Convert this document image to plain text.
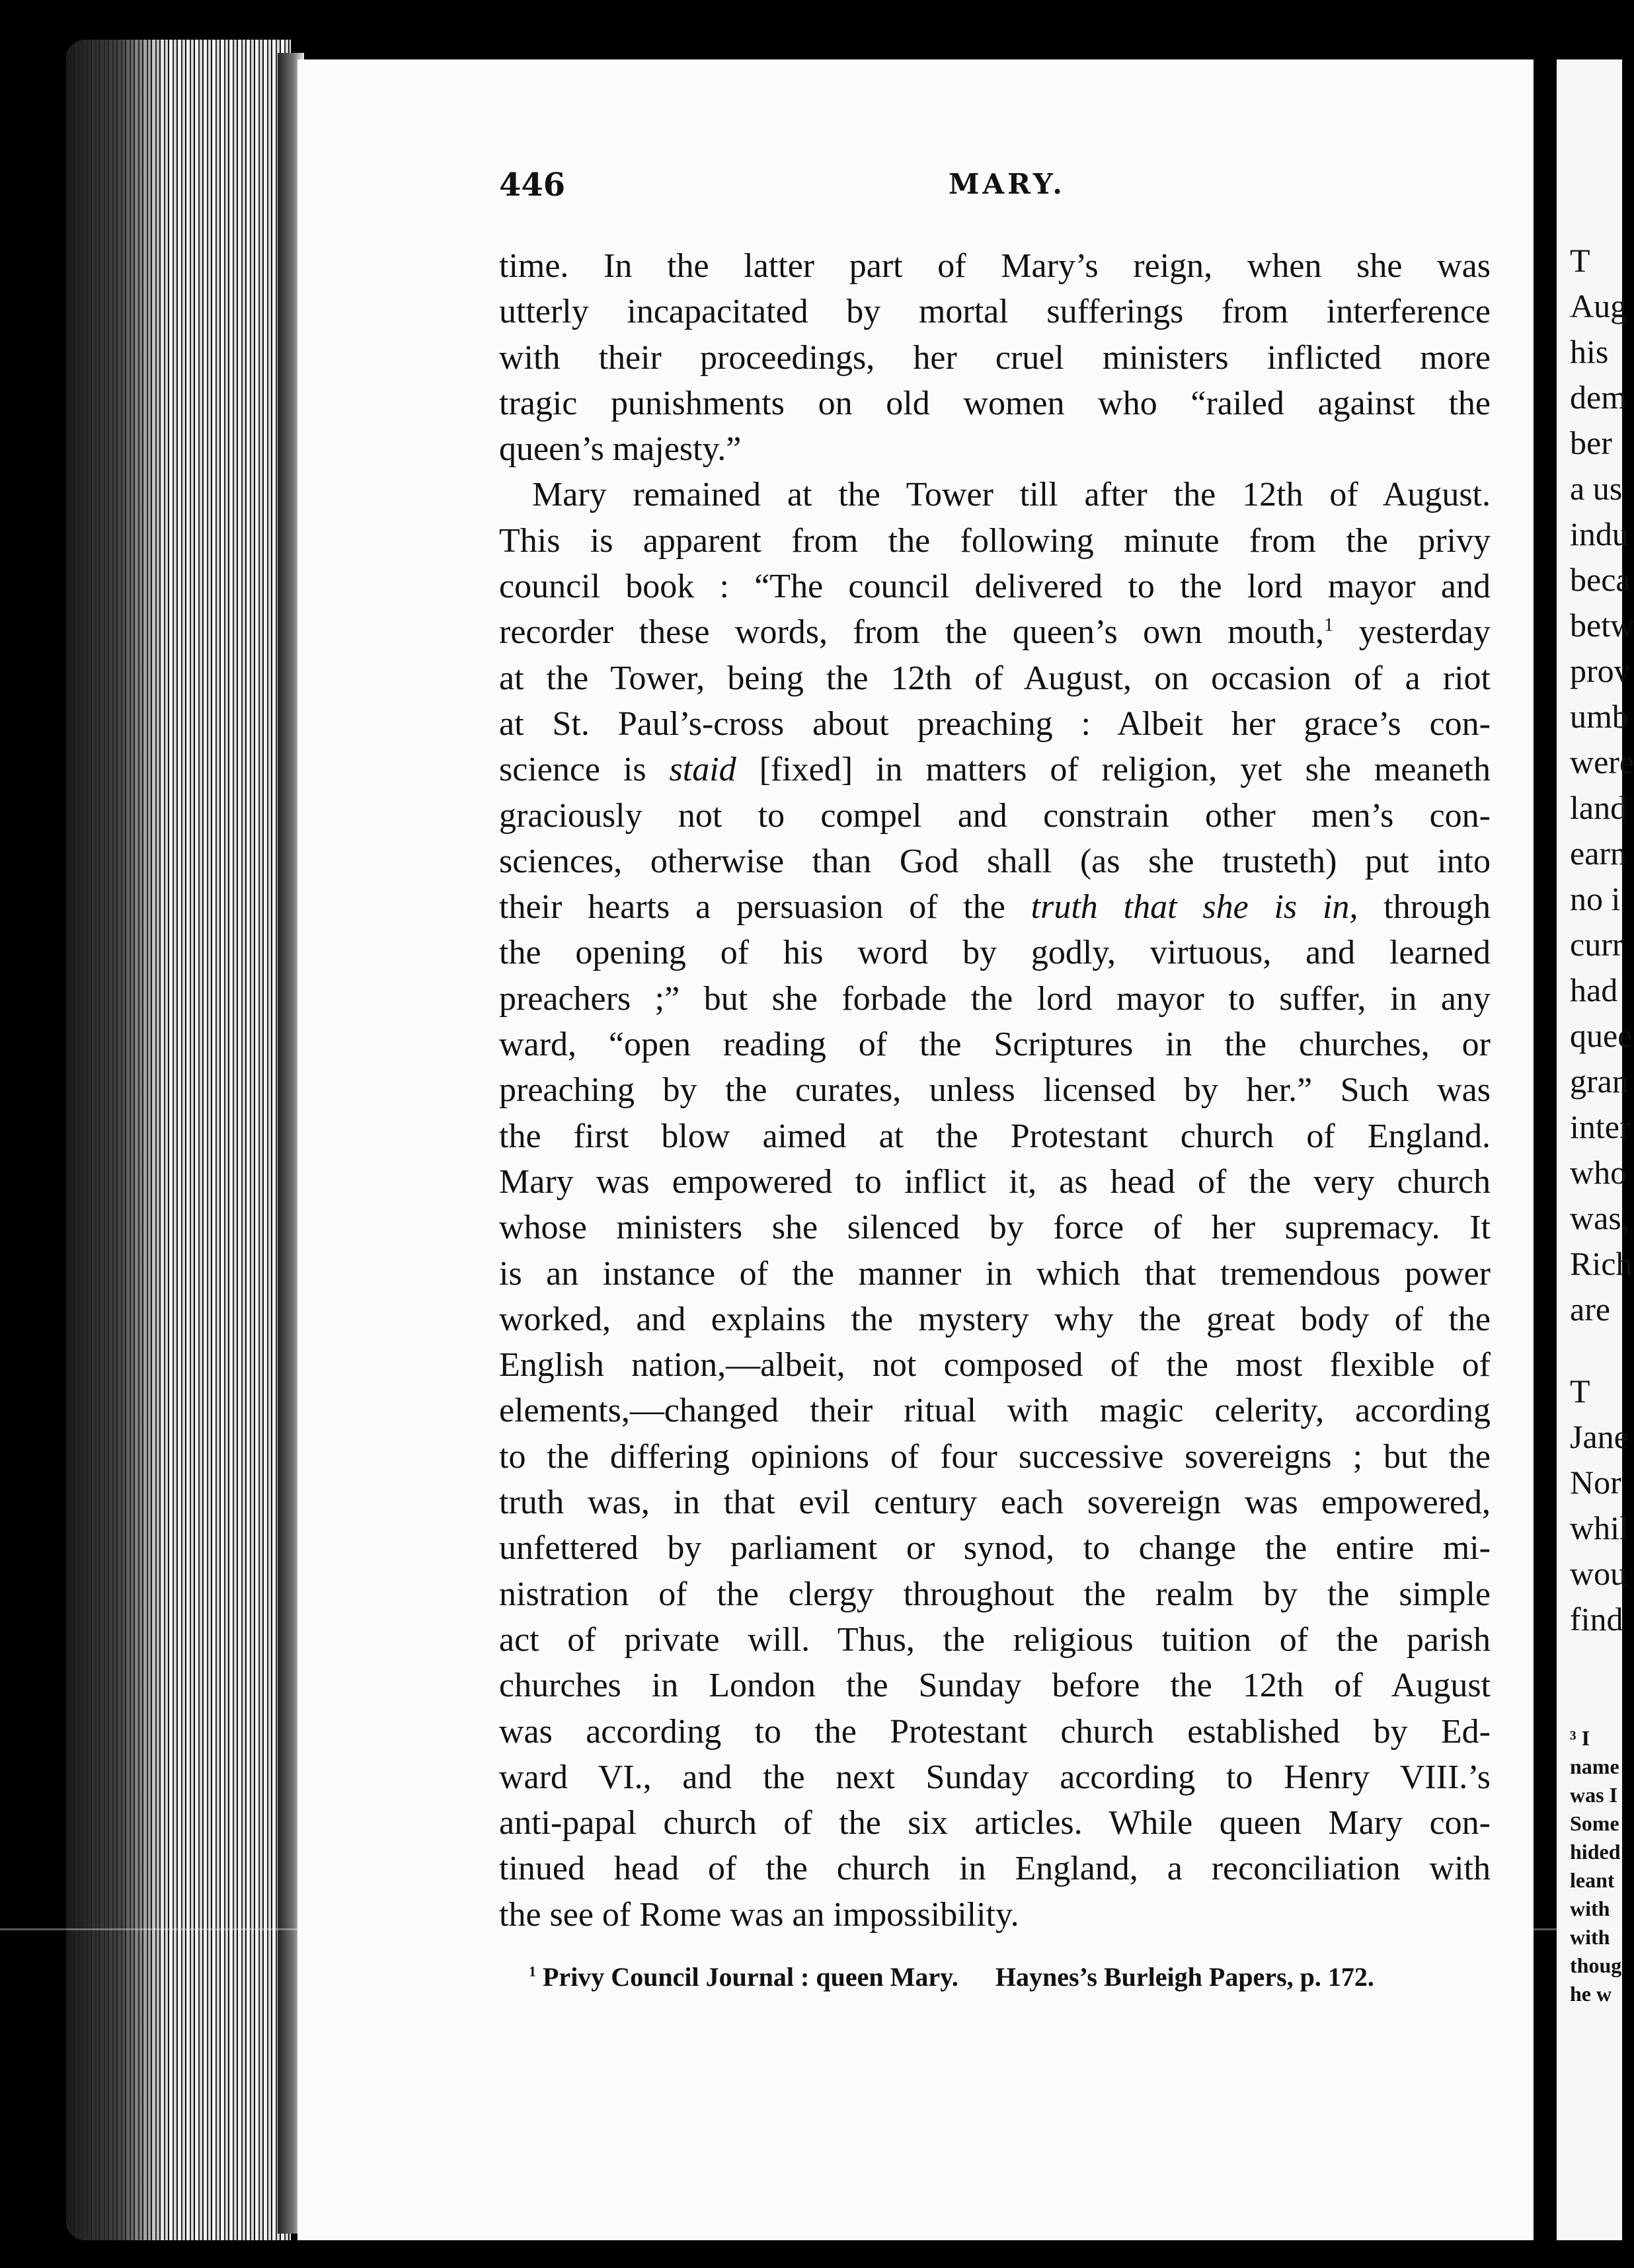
446	MARY.
time. In the latter part of Mary’s reign, when she was
utterly incapacitated by mortal sufferings from interference
with their proceedings, her cruel ministers inflicted more
tragic punishments on old women who “railed against the
queen’s majesty.”
Mary remained at the Tower till after the 12th of August.
This is apparent from the following minute from the privy
council book : “The council delivered to the lord mayor and
recorder these words, from the queen’s own mouth,$^1$ yesterday
at the Tower, being the 12th of August, on occasion of a riot
at St. Paul’s-cross about preaching : Albeit her grace’s con-
science is staid [fixed] in matters of religion, yet she meaneth
graciously not to compel and constrain other men’s con-
sciences, otherwise than God shall (as she trusteth) put into
their hearts a persuasion of the truth that she is in, through
the opening of his word by godly, virtuous, and learned
preachers ;” but she forbade the lord mayor to suffer, in any
ward, “open reading of the Scriptures in the churches, or
preaching by the curates, unless licensed by her.” Such was
the first blow aimed at the Protestant church of England.
Mary was empowered to inflict it, as head of the very church
whose ministers she silenced by force of her supremacy. It
is an instance of the manner in which that tremendous power
worked, and explains the mystery why the great body of the
English nation,—albeit, not composed of the most flexible of
elements,—changed their ritual with magic celerity, according
to the differing opinions of four successive sovereigns ; but the
truth was, in that evil century each sovereign was empowered,
unfettered by parliament or synod, to change the entire mi-
nistration of the clergy throughout the realm by the simple
act of private will. Thus, the religious tuition of the parish
churches in London the Sunday before the 12th of August
was according to the Protestant church established by Ed-
ward VI., and the next Sunday according to Henry VIII.’s
anti-papal church of the six articles. While queen Mary con-
tinued head of the church in England, a reconciliation with
the see of Rome was an impossibility.
$^1$ Privy Council Journal : queen Mary. Haynes’s Burleigh Papers, p. 172.
T
Aug
his
dem
ber
a us
indu
beca
betw
prov
umb
were
land
earn
no i
curr
had
quee
gran
inter
who
was,
Rich
are
T
Jane
Nor
whil
wou
find
³ I
name
was I
Some
hided
leant
with
with
thoug
he w
